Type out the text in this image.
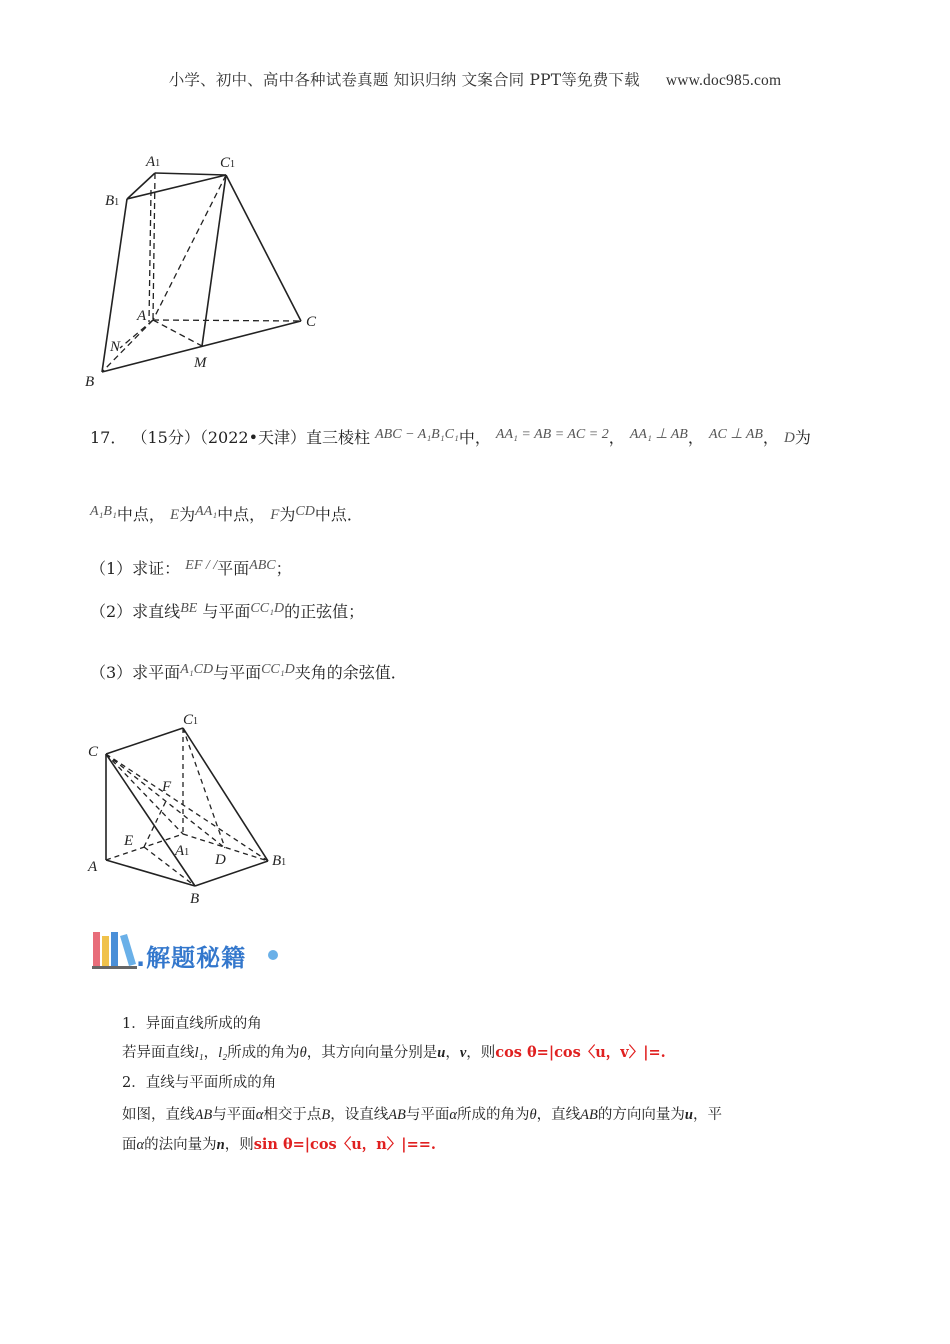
小学、初中、高中各种试卷真题 知识归纳 文案合同 PPT等免费下载 www.doc985.com
A1	C1
B1
A	C
N
M
B
17． （15分）（2022•天津）直三棱柱 ABC − A₁B₁C₁中， AA₁ = AB = AC = 2， AA₁ ⊥ AB， AC ⊥ AB， D为
A₁B₁中点， E为AA₁中点， F为CD中点．
（1）求证： EF / /平面ABC；
（2）求直线BE 与平面CC₁D的正弦值；
（3）求平面A₁CD与平面CC₁D夹角的余弦值．
C1
C
F
E
A1 D	B1
A
B
.解题秘籍
1．异面直线所成的角
若异面直线l₁，l₂所成的角为θ，其方向向量分别是u，v，则cos θ=|cos〈u，v〉|=.
2．直线与平面所成的角
如图，直线AB与平面α相交于点B，设直线AB与平面α所成的角为θ，直线AB的方向向量为u，平
面α的法向量为n，则sin θ=|cos〈u，n〉|==.
